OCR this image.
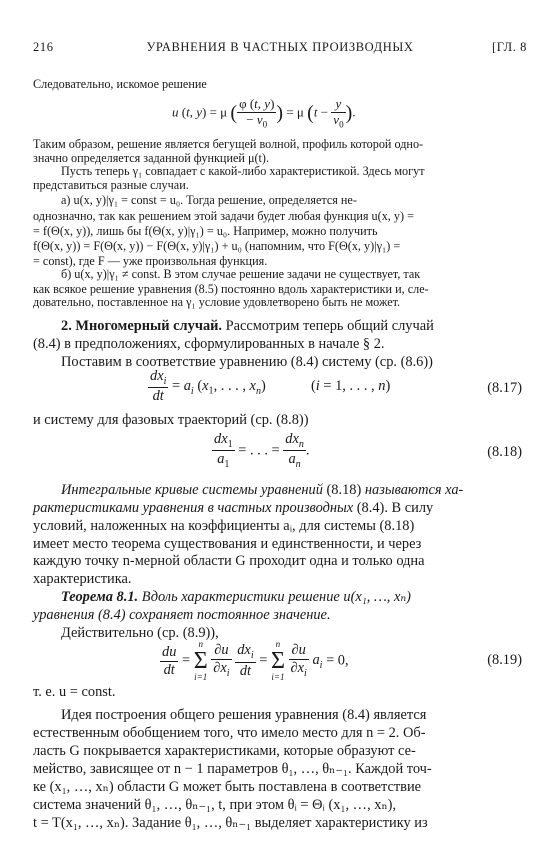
216	УРАВНЕНИЯ В ЧАСТНЫХ ПРОИЗВОДНЫХ	[ГЛ. 8
Следовательно, искомое решение
u (t, y) = μ ( $\frac{\varphi (t, y)}{- v_0}$ ) = μ ($t - \frac{y}{v_0}$ ).
Таким образом, решение является бегущей волной, профиль которой одно-
значно определяется заданной функцией μ(t).
Пусть теперь γ₁ совпадает с какой-либо характеристикой. Здесь могут
представиться разные случаи.
а) u(x, y)|γ₁ = const = u₀. Тогда решение, определяется не-
однозначно, так как решением этой задачи будет любая функция u(x, y) =
= f(Θ(x, y)), лишь бы f(Θ(x, y)|γ₁) = u₀. Например, можно получить
f(Θ(x, y)) = F(Θ(x, y)) − F(Θ(x, y)|γ₁) + u₀ (напомним, что F(Θ(x, y)|γ₁) =
= const), где F — уже произвольная функция.
б) u(x, y)|γ₁ ≠ const. В этом случае решение задачи не существует, так
как всякое решение уравнения (8.5) постоянно вдоль характеристики и, сле-
довательно, поставленное на γ₁ условие удовлетворено быть не может.
2. Многомерный случай. Рассмотрим теперь общий случай
(8.4) в предположениях, сформулированных в начале § 2.
Поставим в соответствие уравнению (8.4) систему (ср. (8.6))
$\frac{dx_i}{dt} = a_i$ ($x_1$, . . . , $x_n$)	(i = 1, . . . , n)	(8.17)
и систему для фазовых траекторий (ср. (8.8))
$\frac{dx_1}{a_1}$ = . . . = $\frac{dx_n}{a_n}$ .	(8.18)
Интегральные кривые системы уравнений (8.18) называются ха-
рактеристиками уравнения в частных производных (8.4). В силу
условий, наложенных на коэффициенты aᵢ, для системы (8.18)
имеет место теорема существования и единственности, и через
каждую точку n-мерной области G проходит одна и только одна
характеристика.
Теорема 8.1. Вдоль характеристики решение u(x₁, …, xₙ)
уравнения (8.4) сохраняет постоянное значение.
Действительно (ср. (8.9)),
$\frac{du}{dt}$ =
n
Σ
i=1
$\frac{\partial u}{\partial x_i}$
$\frac{dx_i}{dt}$ =
n
Σ
i=1
$\frac{\partial u}{\partial x_i} a_i = 0$,	(8.19)
т. е. u = const.
Идея построения общего решения уравнения (8.4) является
естественным обобщением того, что имело место для n = 2. Об-
ласть G покрывается характеристиками, которые образуют се-
мейство, зависящее от n − 1 параметров θ₁, …, θₙ₋₁. Каждой точ-
ке (x₁, …, xₙ) области G может быть поставлена в соответствие
система значений θ₁, …, θₙ₋₁, t, при этом θᵢ = Θᵢ (x₁, …, xₙ),
t = T(x₁, …, xₙ). Задание θ₁, …, θₙ₋₁ выделяет характеристику из
